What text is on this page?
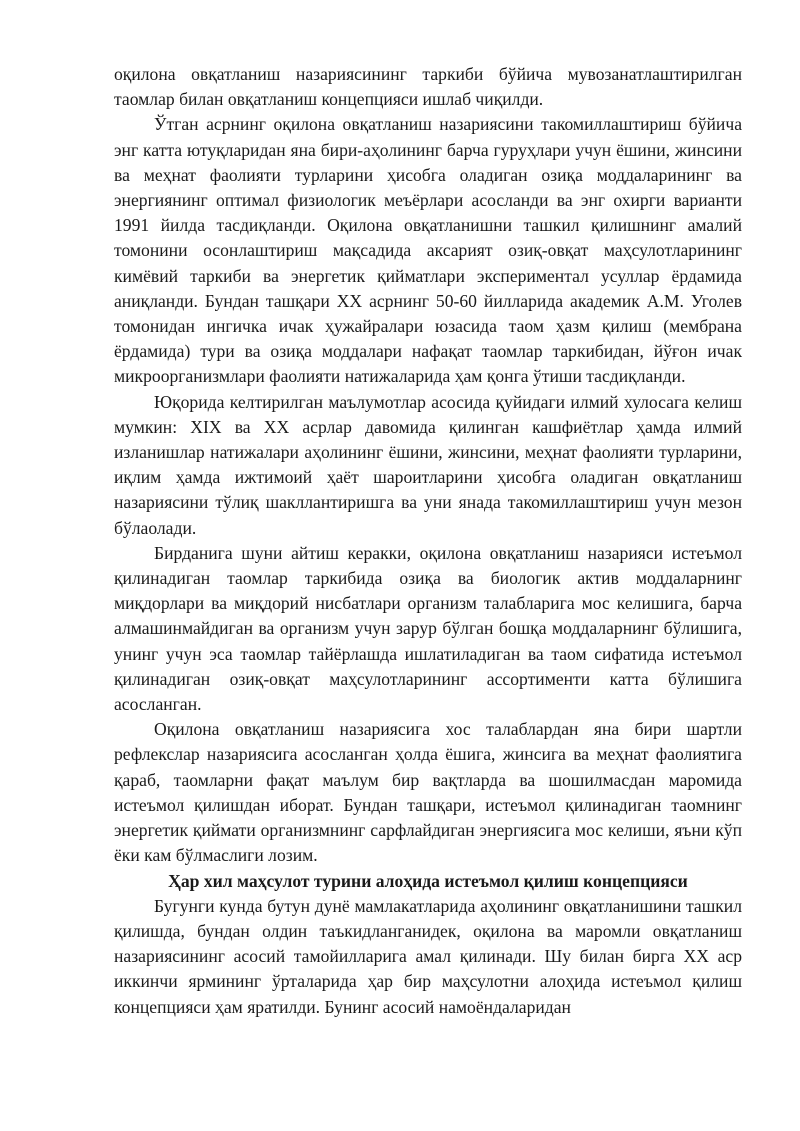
оқилона овқатланиш назариясининг таркиби бўйича мувозанатлаштирилган таомлар билан овқатланиш концепцияси ишлаб чиқилди.

Ўтган асрнинг оқилона овқатланиш назариясини такомиллаштириш бўйича энг катта ютуқларидан яна бири-аҳолининг барча гуруҳлари учун ёшини, жинсини ва меҳнат фаолияти турларини ҳисобга оладиган озиқа моддаларининг ва энергиянинг оптимал физиологик меъёрлари асосланди ва энг охирги варианти 1991 йилда тасдиқланди. Оқилона овқатланишни ташкил қилишнинг амалий томонини осонлаштириш мақсадида аксарият озиқ-овқат маҳсулотларининг кимёвий таркиби ва энергетик қийматлари экспериментал усуллар ёрдамида аниқланди. Бундан ташқари XX асрнинг 50-60 йилларида академик А.М. Уголев томонидан ингичка ичак ҳужайралари юзасида таом ҳазм қилиш (мембрана ёрдамида) тури ва озиқа моддалари нафақат таомлар таркибидан, йўғон ичак микроорганизмлари фаолияти натижаларида ҳам қонга ўтиши тасдиқланди.

Юқорида келтирилган маълумотлар асосида қуйидаги илмий хулосага келиш мумкин: XIX ва XX асрлар давомида қилинган кашфиётлар ҳамда илмий изланишлар натижалари аҳолининг ёшини, жинсини, меҳнат фаолияти турларини, иқлим ҳамда ижтимоий ҳаёт шароитларини ҳисобга оладиган овқатланиш назариясини тўлиқ шакллантиришга ва уни янада такомиллаштириш учун мезон бўлаолади.

Бирданига шуни айтиш керакки, оқилона овқатланиш назарияси истеъмол қилинадиган таомлар таркибида озиқа ва биологик актив моддаларнинг миқдорлари ва миқдорий нисбатлари организм талабларига мос келишига, барча алмашинмайдиган ва организм учун зарур бўлган бошқа моддаларнинг бўлишига, унинг учун эса таомлар тайёрлашда ишлатиладиган ва таом сифатида истеъмол қилинадиган озиқ-овқат маҳсулотларининг ассортименти катта бўлишига асосланган.

Оқилона овқатланиш назариясига хос талаблардан яна бири шартли рефлекслар назариясига асосланган ҳолда ёшига, жинсига ва меҳнат фаолиятига қараб, таомларни фақат маълум бир вақтларда ва шошилмасдан маромида истеъмол қилишдан иборат. Бундан ташқари, истеъмол қилинадиган таомнинг энергетик қиймати организмнинг сарфлайдиган энергиясига мос келиши, яъни кўп ёки кам бўлмаслиги лозим.

Ҳар хил маҳсулот турини алоҳида истеъмол қилиш концепцияси

Бугунги кунда бутун дунё мамлакатларида аҳолининг овқатланишини ташкил қилишда, бундан олдин таъкидланганидек, оқилона ва маромли овқатланиш назариясининг асосий тамойилларига амал қилинади. Шу билан бирга XX аср иккинчи ярмининг ўрталарида ҳар бир маҳсулотни алоҳида истеъмол қилиш концепцияси ҳам яратилди. Бунинг асосий намоёндаларидан
